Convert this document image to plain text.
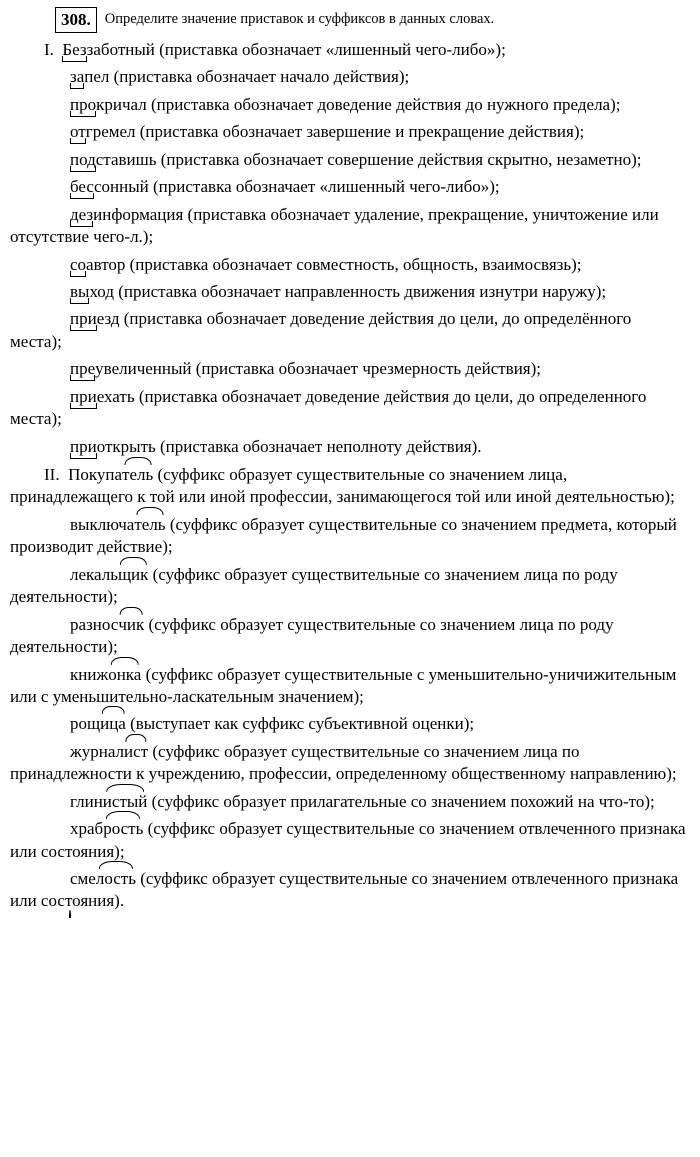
308. Определите значение приставок и суффиксов в данных словах.
I. Беззаботный (приставка обозначает «лишенный чего-либо»);
запел (приставка обозначает начало действия);
прокричал (приставка обозначает доведение действия до нужного предела);
отгремел (приставка обозначает завершение и прекращение действия);
подставишь (приставка обозначает совершение действия скрытно, незаметно);
бессонный (приставка обозначает «лишенный чего-либо»);
дезинформация (приставка обозначает удаление, прекращение, уничтожение или отсутствие чего-л.);
соавтор (приставка обозначает совместность, общность, взаимосвязь);
выход (приставка обозначает направленность движения изнутри наружу);
приезд (приставка обозначает доведение действия до цели, до определённого места);
преувеличенный (приставка обозначает чрезмерность действия);
приехать (приставка обозначает доведение действия до цели, до определенного места);
приоткрыть (приставка обозначает неполноту действия).
II. Покупатель (суффикс образует существительные со значением лица, принадлежащего к той или иной профессии, занимающегося той или иной деятельностью);
выключатель (суффикс образует существительные со значением предмета, который производит действие);
лекальщик (суффикс образует существительные со значением лица по роду деятельности);
разносчик (суффикс образует существительные со значением лица по роду деятельности);
книжонка (суффикс образует существительные с уменьшительно-уничижительным или с уменьшительно-ласкательным значением);
рощица (выступает как суффикс субъективной оценки);
журналист (суффикс образует существительные со значением лица по принадлежности к учреждению, профессии, определенному общественному направлению);
глинистый (суффикс образует прилагательные со значением похожий на что-то);
храбрость (суффикс образует существительные со значением отвлеченного признака или состояния);
смелость (суффикс образует существительные со значением отвлеченного признака или состояния).
